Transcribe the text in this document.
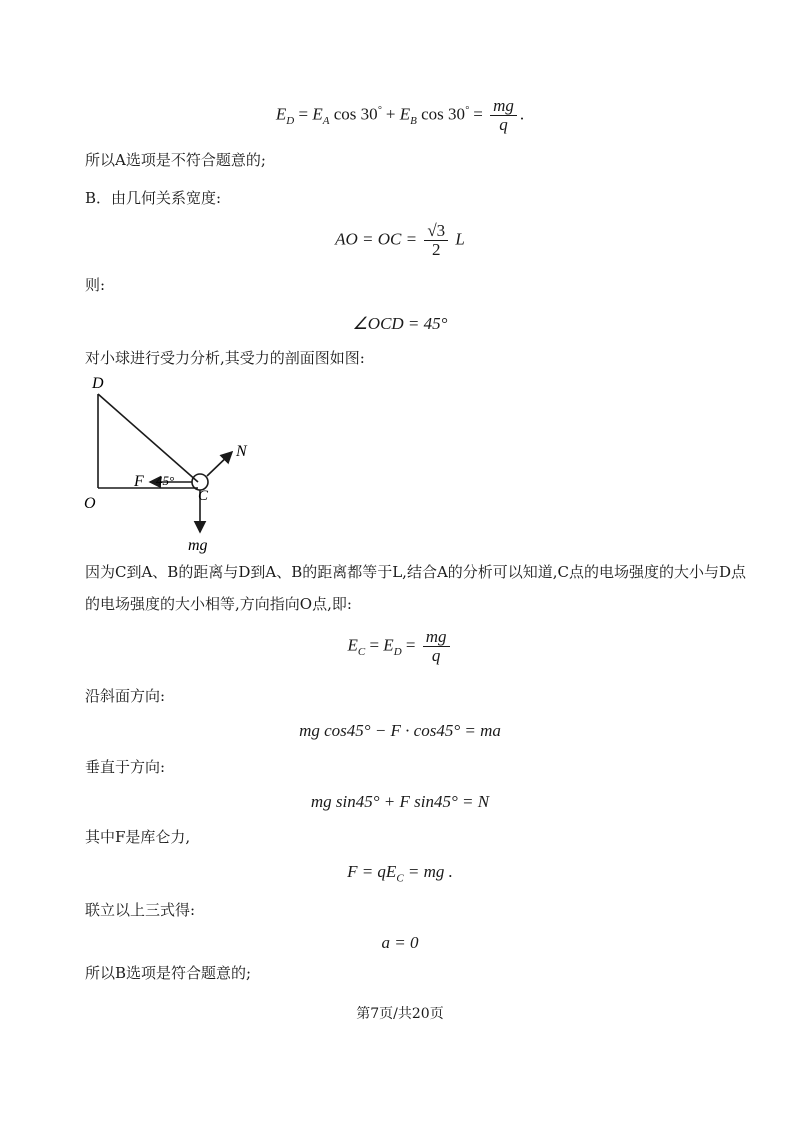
$E_D = E_A$ $\cos 30^\circ + E_B$ $\cos 30^\circ = \frac{mg}{q}$ .
所以A选项是不符合题意的;
B．由几何关系宽度:
AO = OC = $\frac{√3}{2}$ L
则:
∠OCD = 45°
对小球进行受力分析,其受力的剖面图如图:
D
O	C
F 45°
N
mg
因为C到A、B的距离与D到A、B的距离都等于L,结合A的分析可以知道,C点的电场强度的大小与D点
的电场强度的大小相等,方向指向O点,即:
$E_C = E_D = \frac{mg}{q}$
沿斜面方向:
mg cos45° − F · cos45° = ma
垂直于方向:
mg sin45° + F sin45° = N
其中F是库仑力,
$F = qE_C$ = mg .
联立以上三式得:
a = 0
所以B选项是符合题意的;
第7页/共20页
